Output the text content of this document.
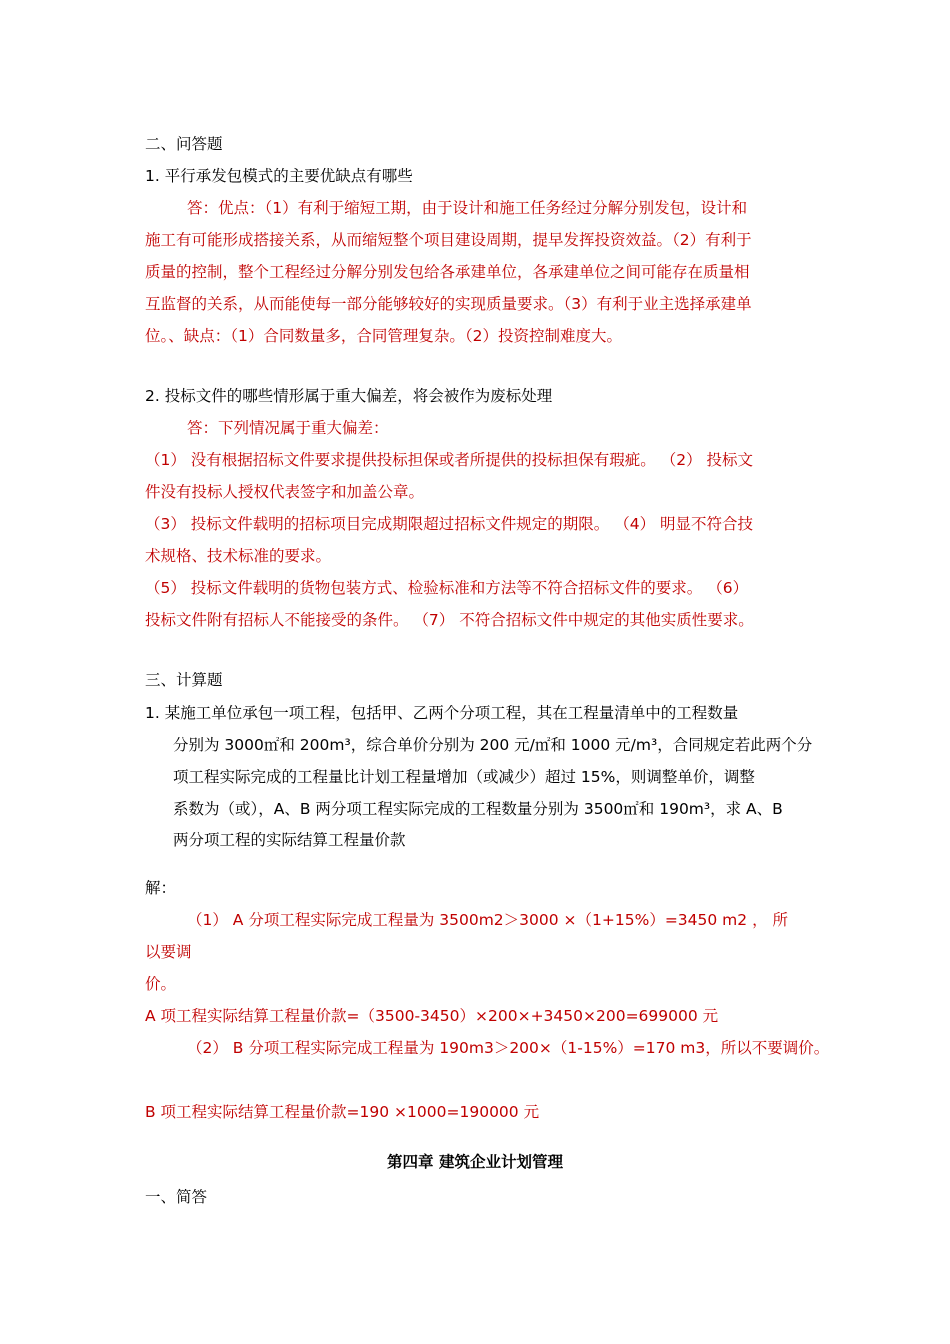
二、问答题
1. 平行承发包模式的主要优缺点有哪些
答：优点：（1）有利于缩短工期，由于设计和施工任务经过分解分别发包，设计和
施工有可能形成搭接关系，从而缩短整个项目建设周期，提早发挥投资效益。（2）有利于
质量的控制，整个工程经过分解分别发包给各承建单位，各承建单位之间可能存在质量相
互监督的关系，从而能使每一部分能够较好的实现质量要求。（3）有利于业主选择承建单
位。、缺点：（1）合同数量多，合同管理复杂。（2）投资控制难度大。
2. 投标文件的哪些情形属于重大偏差，将会被作为废标处理
答：下列情况属于重大偏差：
（1） 没有根据招标文件要求提供投标担保或者所提供的投标担保有瑕疵。 （2） 投标文
件没有投标人授权代表签字和加盖公章。
（3） 投标文件载明的招标项目完成期限超过招标文件规定的期限。 （4） 明显不符合技
术规格、技术标准的要求。
（5） 投标文件载明的货物包装方式、检验标准和方法等不符合招标文件的要求。 （6）
投标文件附有招标人不能接受的条件。 （7） 不符合招标文件中规定的其他实质性要求。
三、计算题
1. 某施工单位承包一项工程，包括甲、乙两个分项工程，其在工程量清单中的工程数量
分别为 3000㎡和 200m³，综合单价分别为 200 元/㎡和 1000 元/m³，合同规定若此两个分
项工程实际完成的工程量比计划工程量增加（或减少）超过 15%，则调整单价，调整
系数为（或），A、B 两分项工程实际完成的工程数量分别为 3500㎡和 190m³，求 A、B
两分项工程的实际结算工程量价款
解：
（1） A 分项工程实际完成工程量为 3500m2＞3000 ×（1+15%）=3450 m2 ， 所
以要调
价。
A 项工程实际结算工程量价款=（3500-3450）×200×+3450×200=699000 元
（2） B 分项工程实际完成工程量为 190m3＞200×（1-15%）=170 m3，所以不要调价。
B 项工程实际结算工程量价款=190 ×1000=190000 元
第四章 建筑企业计划管理
一、简答
